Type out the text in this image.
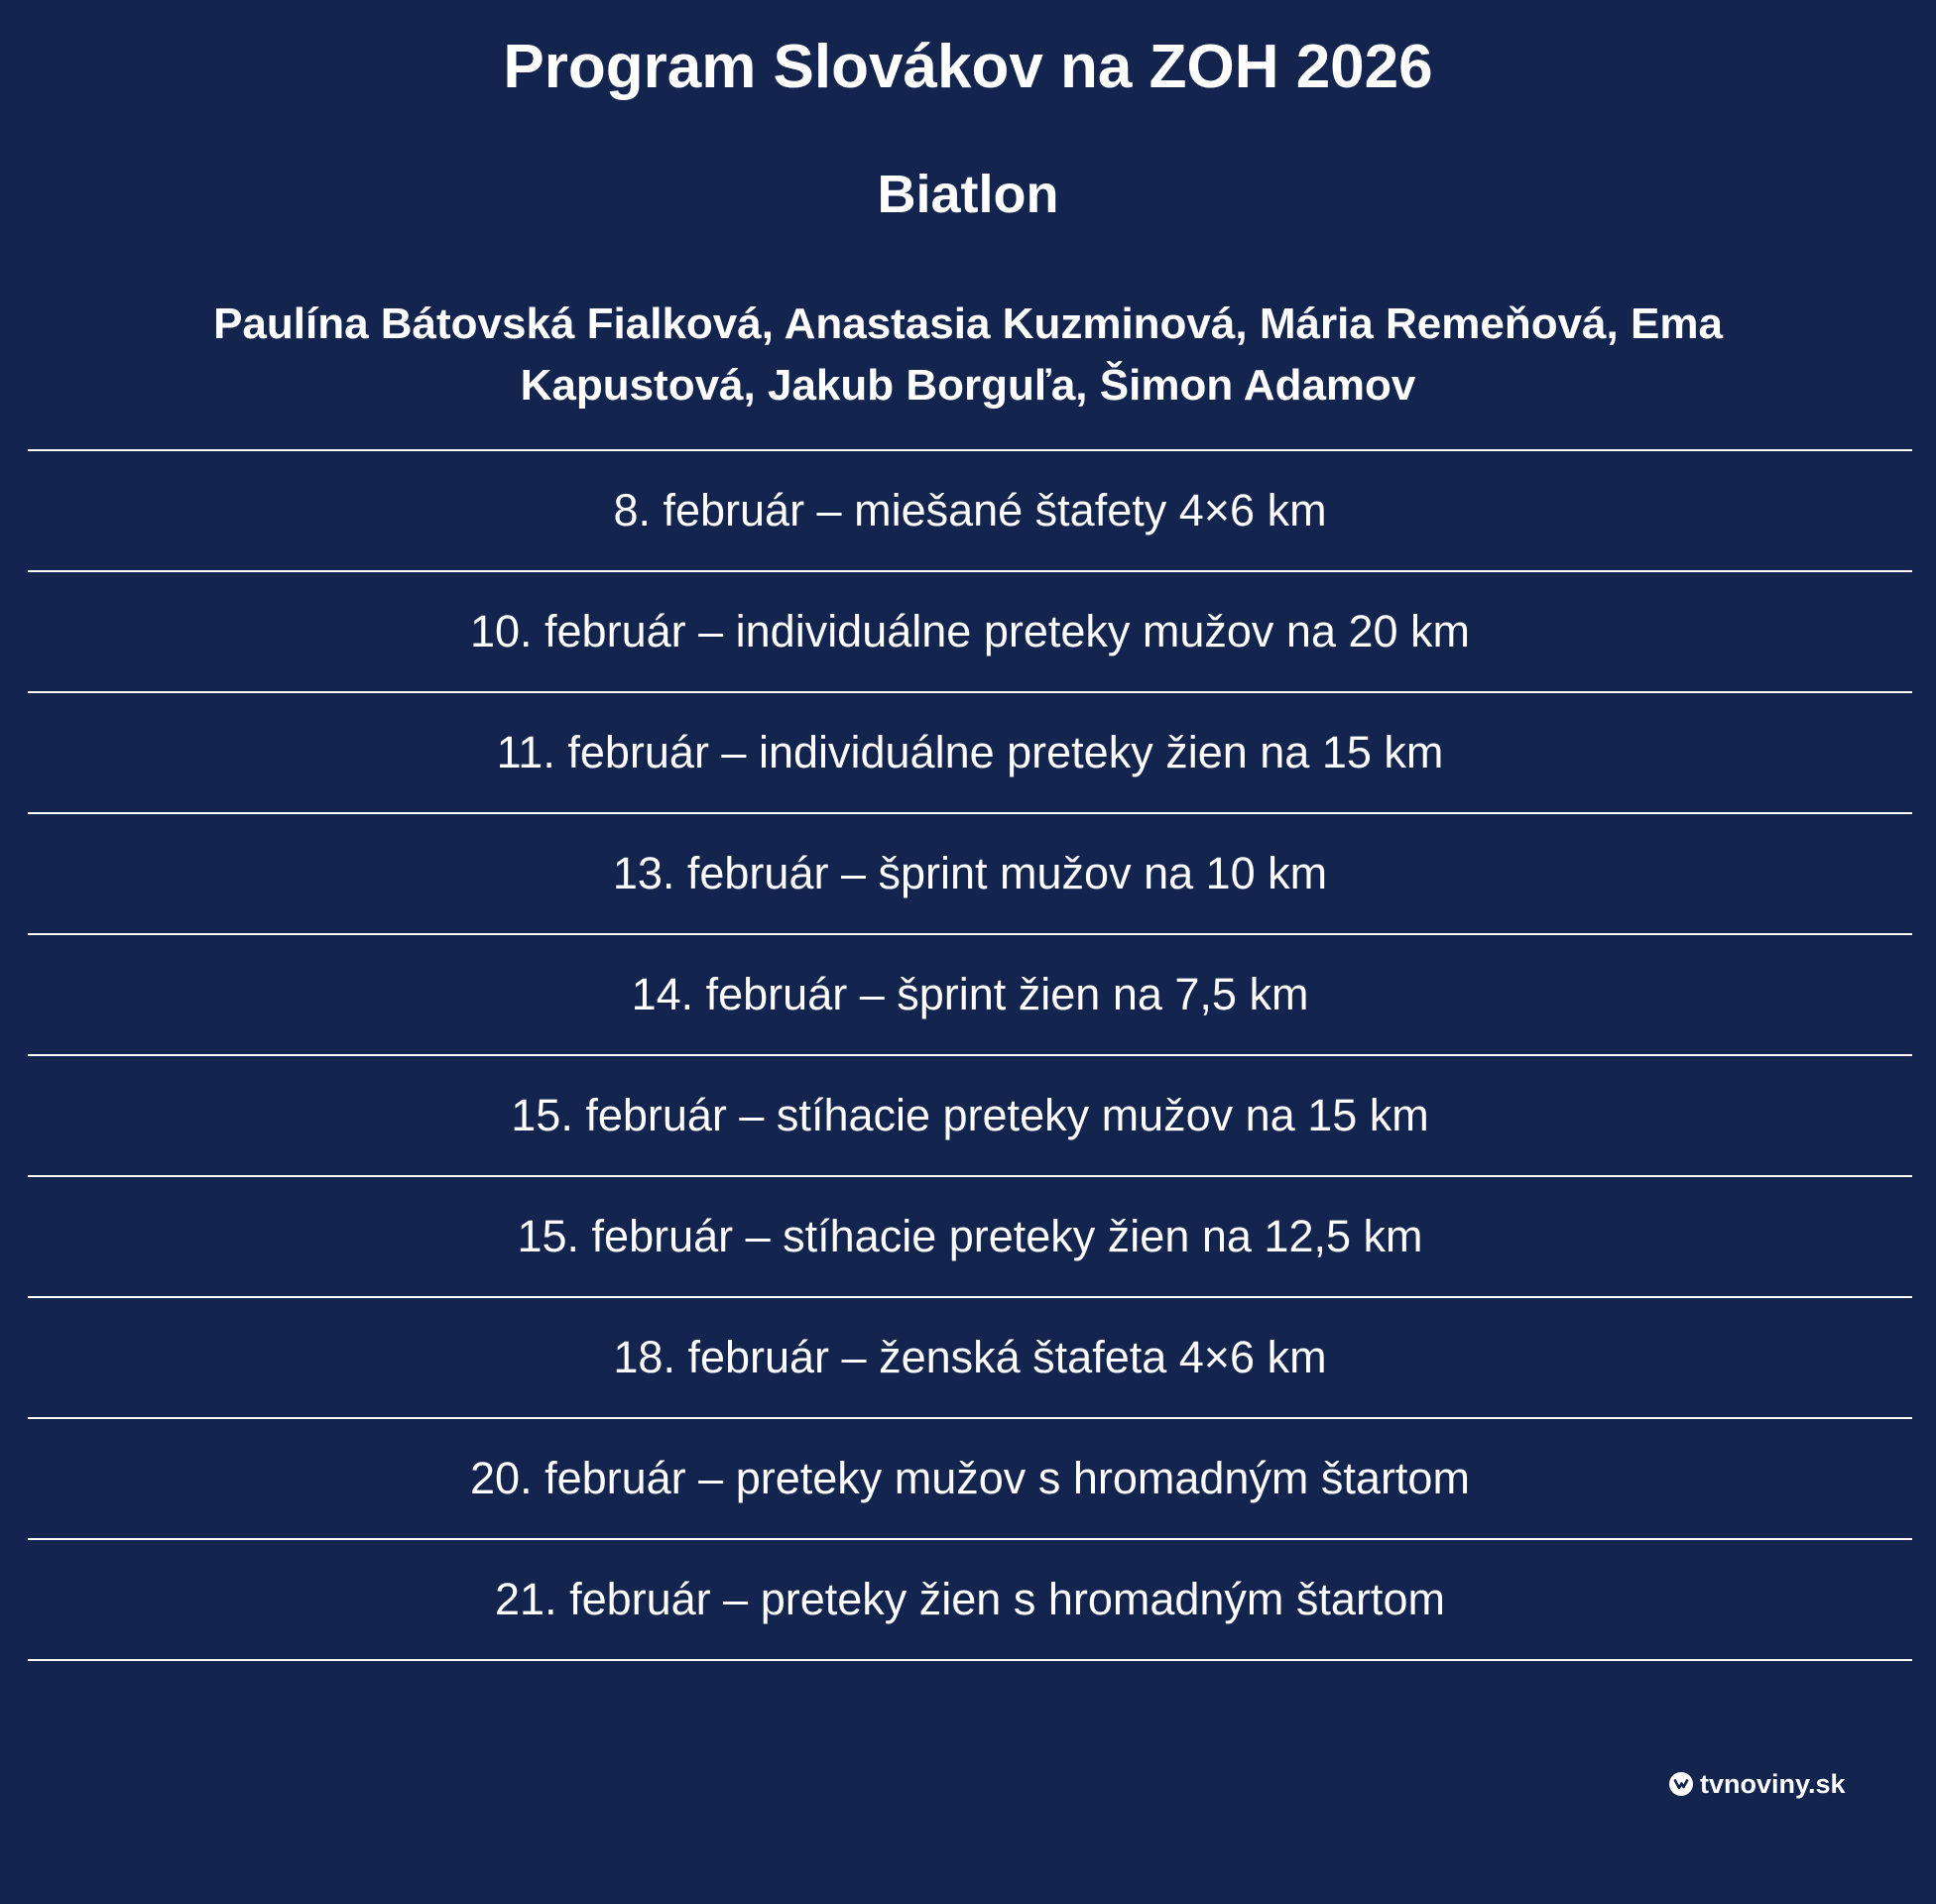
Program Slovákov na ZOH 2026
Biatlon
Paulína Bátovská Fialková, Anastasia Kuzminová, Mária Remeňová, Ema
Kapustová, Jakub Borguľa, Šimon Adamov
8. február – miešané štafety 4×6 km
10. február – individuálne preteky mužov na 20 km
11. február – individuálne preteky žien na 15 km
13. február – šprint mužov na 10 km
14. február – šprint žien na 7,5 km
15. február – stíhacie preteky mužov na 15 km
15. február – stíhacie preteky žien na 12,5 km
18. február – ženská štafeta 4×6 km
20. február – preteky mužov s hromadným štartom
21. február – preteky žien s hromadným štartom
tvnoviny.sk
